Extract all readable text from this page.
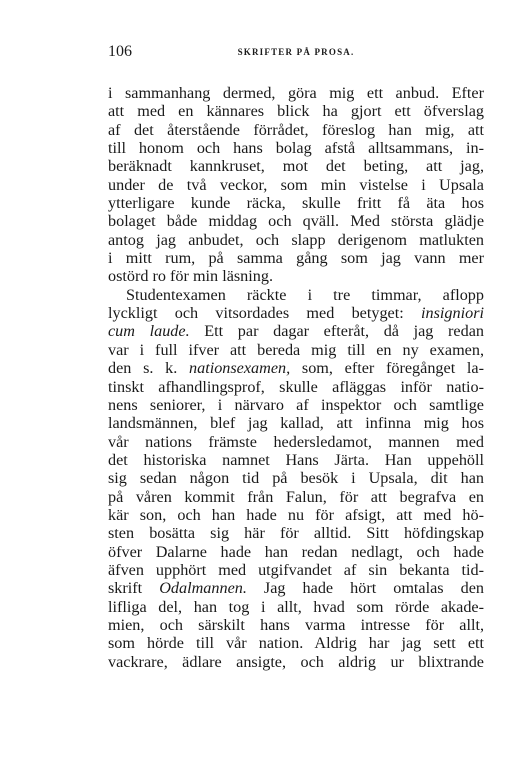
106	SKRIFTER PÅ PROSA.
i sammanhang dermed, göra mig ett anbud. Efter
att med en kännares blick ha gjort ett öfverslag
af det återstående förrådet, föreslog han mig, att
till honom och hans bolag afstå alltsammans, in-
beräknadt kannkruset, mot det beting, att jag,
under de två veckor, som min vistelse i Upsala
ytterligare kunde räcka, skulle fritt få äta hos
bolaget både middag och qväll. Med största glädje
antog jag anbudet, och slapp derigenom matlukten
i mitt rum, på samma gång som jag vann mer
ostörd ro för min läsning.
Studentexamen räckte i tre timmar, aflopp
lyckligt och vitsordades med betyget: insigniori
cum laude. Ett par dagar efteråt, då jag redan
var i full ifver att bereda mig till en ny examen,
den s. k. nationsexamen, som, efter föregånget la-
tinskt afhandlingsprof, skulle afläggas inför natio-
nens seniorer, i närvaro af inspektor och samtlige
landsmännen, blef jag kallad, att infinna mig hos
vår nations främste hedersledamot, mannen med
det historiska namnet Hans Järta. Han uppehöll
sig sedan någon tid på besök i Upsala, dit han
på våren kommit från Falun, för att begrafva en
kär son, och han hade nu för afsigt, att med hö-
sten bosätta sig här för alltid. Sitt höfdingskap
öfver Dalarne hade han redan nedlagt, och hade
äfven upphört med utgifvandet af sin bekanta tid-
skrift Odalmannen. Jag hade hört omtalas den
lifliga del, han tog i allt, hvad som rörde akade-
mien, och särskilt hans varma intresse för allt,
som hörde till vår nation. Aldrig har jag sett ett
vackrare, ädlare ansigte, och aldrig ur blixtrande
